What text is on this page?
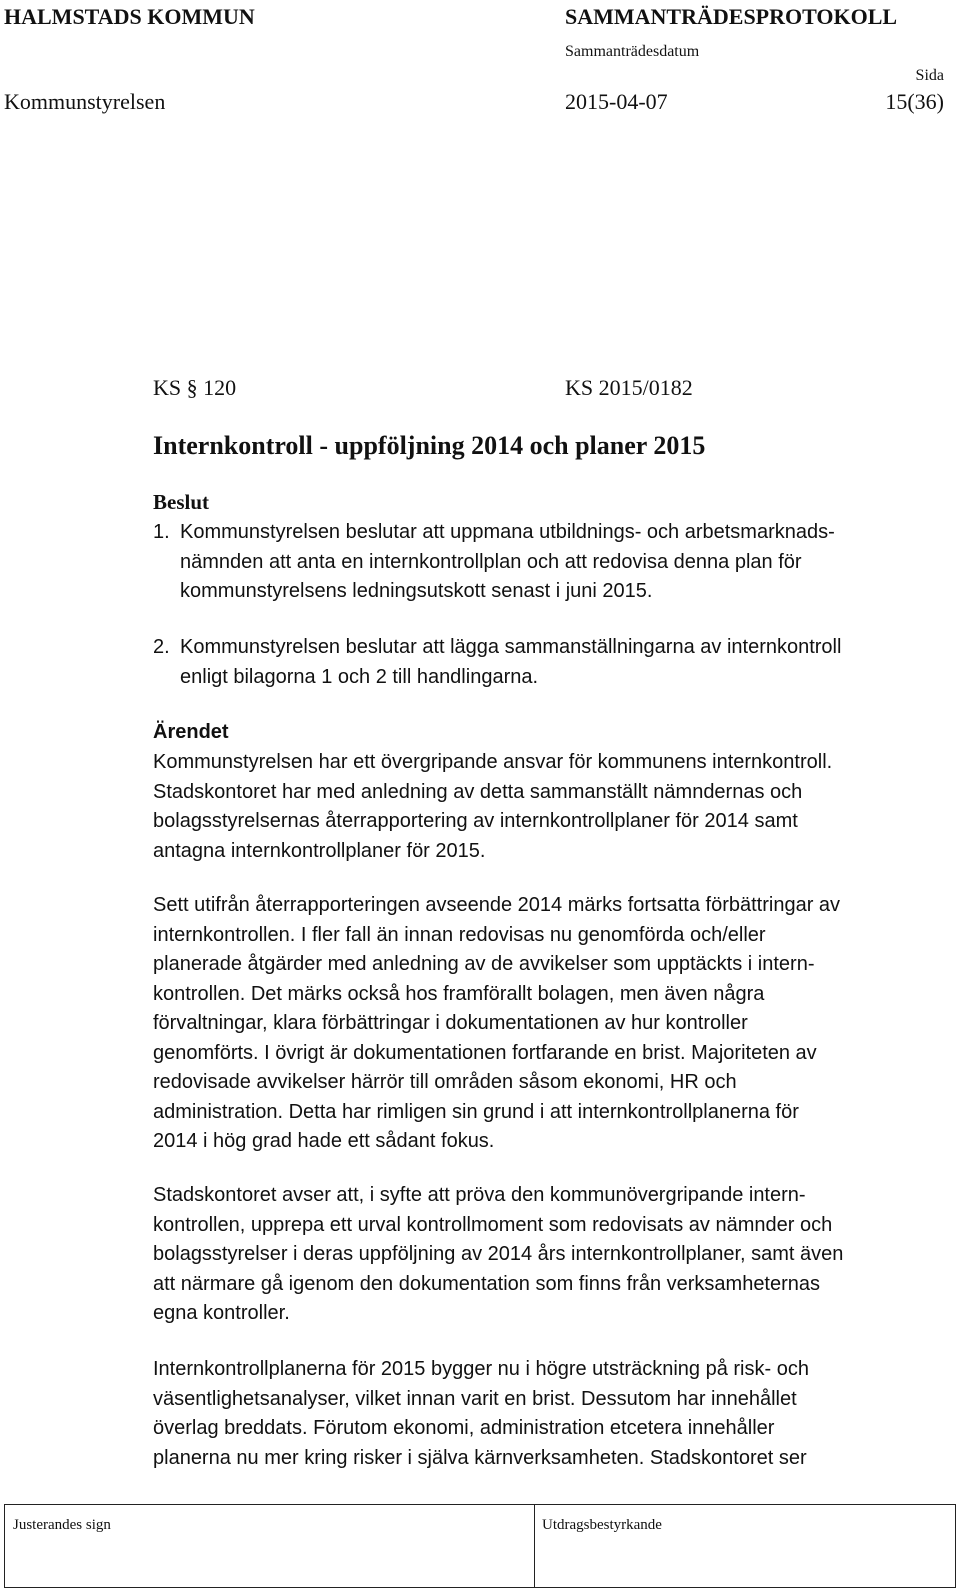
HALMSTADS KOMMUN	SAMMANTRÄDESPROTOKOLL
Sammanträdesdatum
Sida
Kommunstyrelsen	2015-04-07	15(36)
KS § 120	KS 2015/0182
Internkontroll - uppföljning 2014 och planer 2015
Beslut
1. Kommunstyrelsen beslutar att uppmana utbildnings- och arbetsmarknads-
nämnden att anta en internkontrollplan och att redovisa denna plan för
kommunstyrelsens ledningsutskott senast i juni 2015.
2. Kommunstyrelsen beslutar att lägga sammanställningarna av internkontroll
enligt bilagorna 1 och 2 till handlingarna.
Ärendet
Kommunstyrelsen har ett övergripande ansvar för kommunens internkontroll.
Stadskontoret har med anledning av detta sammanställt nämndernas och
bolagsstyrelsernas återrapportering av internkontrollplaner för 2014 samt
antagna internkontrollplaner för 2015.
Sett utifrån återrapporteringen avseende 2014 märks fortsatta förbättringar av
internkontrollen. I fler fall än innan redovisas nu genomförda och/eller
planerade åtgärder med anledning av de avvikelser som upptäckts i intern-
kontrollen. Det märks också hos framförallt bolagen, men även några
förvaltningar, klara förbättringar i dokumentationen av hur kontroller
genomförts. I övrigt är dokumentationen fortfarande en brist. Majoriteten av
redovisade avvikelser härrör till områden såsom ekonomi, HR och
administration. Detta har rimligen sin grund i att internkontrollplanerna för
2014 i hög grad hade ett sådant fokus.
Stadskontoret avser att, i syfte att pröva den kommunövergripande intern-
kontrollen, upprepa ett urval kontrollmoment som redovisats av nämnder och
bolagsstyrelser i deras uppföljning av 2014 års internkontrollplaner, samt även
att närmare gå igenom den dokumentation som finns från verksamheternas
egna kontroller.
Internkontrollplanerna för 2015 bygger nu i högre utsträckning på risk- och
väsentlighetsanalyser, vilket innan varit en brist. Dessutom har innehållet
överlag breddats. Förutom ekonomi, administration etcetera innehåller
planerna nu mer kring risker i själva kärnverksamheten. Stadskontoret ser
Justerandes sign	Utdragsbestyrkande
